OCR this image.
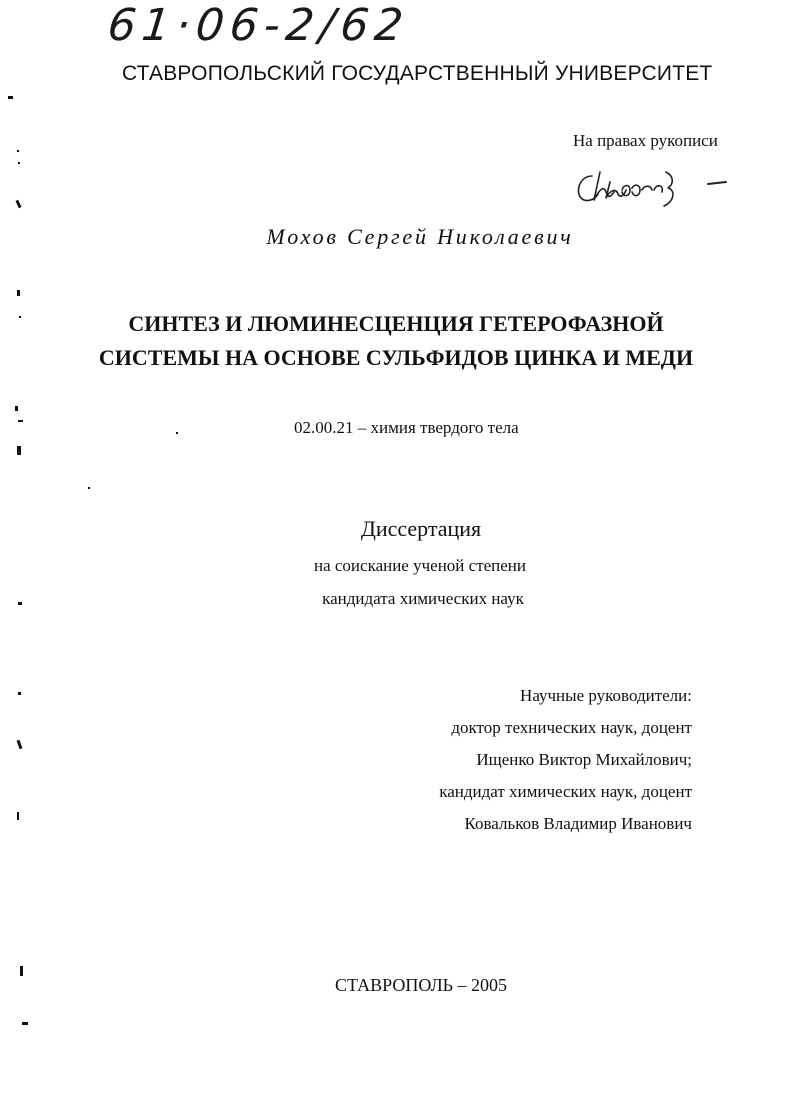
61·06-2/62
СТАВРОПОЛЬСКИЙ ГОСУДАРСТВЕННЫЙ УНИВЕРСИТЕТ
На правах рукописи
Мохов Сергей Николаевич
СИНТЕЗ И ЛЮМИНЕСЦЕНЦИЯ ГЕТЕРОФАЗНОЙ
СИСТЕМЫ НА ОСНОВЕ СУЛЬФИДОВ ЦИНКА И МЕДИ
02.00.21 – химия твердого тела
Диссертация
на соискание ученой степени
кандидата химических наук
Научные руководители:
доктор технических наук, доцент
Ищенко Виктор Михайлович;
кандидат химических наук, доцент
Ковальков Владимир Иванович
СТАВРОПОЛЬ – 2005
